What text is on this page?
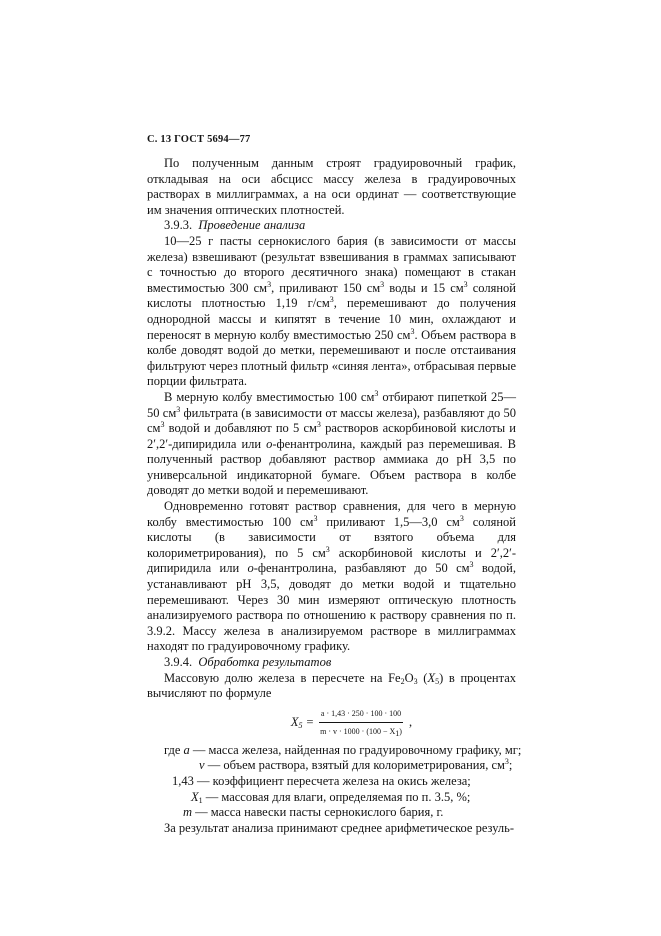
С. 13 ГОСТ 5694—77

По полученным данным строят градуировочный график, откладывая на оси абсцисс массу железа в градуировочных растворах в миллиграммах, а на оси ординат — соответствующие им значения оптических плотностей.

3.9.3. Проведение анализа

10—25 г пасты сернокислого бария (в зависимости от массы железа) взвешивают (результат взвешивания в граммах записывают с точностью до второго десятичного знака) помещают в стакан вместимостью 300 $см^3$, приливают 150 $см^3$ воды и 15 $см^3$ соляной кислоты плотностью 1,19 $г/см^3$, перемешивают до получения однородной массы и кипятят в течение 10 мин, охлаждают и переносят в мерную колбу вместимостью 250 $см^3$. Объем раствора в колбе доводят водой до метки, перемешивают и после отстаивания фильтруют через плотный фильтр «синяя лента», отбрасывая первые порции фильтрата.

В мерную колбу вместимостью 100 $см^3$ отбирают пипеткой 25—50 $см^3$ фильтрата (в зависимости от массы железа), разбавляют до 50 $см^3$ водой и добавляют по 5 $см^3$ растворов аскорбиновой кислоты и 2′,2′-дипиридила или о-фенантролина, каждый раз перемешивая. В полученный раствор добавляют раствор аммиака до рН 3,5 по универсальной индикаторной бумаге. Объем раствора в колбе доводят до метки водой и перемешивают.

Одновременно готовят раствор сравнения, для чего в мерную колбу вместимостью 100 $см^3$ приливают 1,5—3,0 $см^3$ соляной кислоты (в зависимости от взятого объема для колориметрирования), по 5 $см^3$ аскорбиновой кислоты и 2′,2′-дипиридила или о-фенантролина, разбавляют до 50 $см^3$ водой, устанавливают рН 3,5, доводят до метки водой и тщательно перемешивают. Через 30 мин измеряют оптическую плотность анализируемого раствора по отношению к раствору сравнения по п. 3.9.2. Массу железа в анализируемом растворе в миллиграммах находят по градуировочному графику.

3.9.4. Обработка результатов

Массовую долю железа в пересчете на $Fe_2O_3$ $(X_5)$ в процентах вычисляют по формуле

$X_5 = \frac{a \cdot 1,43 \cdot 250 \cdot 100 \cdot 100}{m \cdot v \cdot 1000 \cdot (100 - X_1)}$ ,
где a — масса железа, найденная по градуировочному графику, мг;
v — объем раствора, взятый для колориметрирования, $см^3$;
1,43 — коэффициент пересчета железа на окись железа;
$X_1$ — массовая для влаги, определяемая по п. 3.5, %;
m — масса навески пасты сернокислого бария, г.

За результат анализа принимают среднее арифметическое резуль-
